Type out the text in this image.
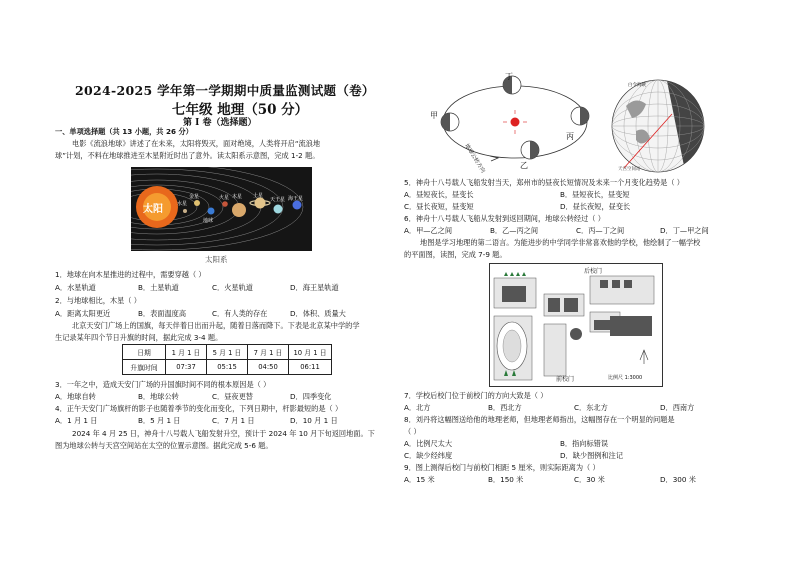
2024-2025 学年第一学期期中质量监测试题（卷）
七年级 地理（50 分）
第 I 卷（选择题）
一、单项选择题（共 13 小题，共 26 分）
电影《流浪地球》讲述了在未来，太阳将毁灭，面对绝境，人类将开启“流浪地
球”计划，不料在地球推进至木星附近时出了意外。读太阳系示意图，完成 1-2 题。
太阳	水星
金星
地球
火星 木星 土星
天王星 海王星
太阳系
1．地球在向木星推进的过程中，需要穿越（ ）
A．水星轨道	B．土星轨道	C．火星轨道	D．海王星轨道
2．与地球相比，木星（ ）
A．距离太阳更近	B．表面温度高	C．有人类的存在	D．体积、质量大
北京天安门广场上的国旗，每天伴着日出而升起，随着日落而降下。下表是北京某中学的学
生记录某年四个节日升旗的时间，据此完成 3-4 题。
日期	1 月 1 日	5 月 1 日	7 月 1 日	10 月 1 日
升旗时间	07:37	05:15	04:50	06:11
3．一年之中，造成天安门广场的升国旗时间不同的根本原因是（ ）
A．地球自转	B．地球公转	C．昼夜更替	D．四季变化
4．正午天安门广场旗杆的影子也随着季节的变化而变化，下列日期中，杆影最短的是（ ）
A．1 月 1 日	B．5 月 1 日	C．7 月 1 日	D．10 月 1 日
2024 年 4 月 25 日，神舟十八号载人飞船发射升空，预计于 2024 年 10 月下旬返回地面。下
图为地球公转与天宫空间站在太空的位置示意图。据此完成 5-6 题。
丁
甲
乙
丙
地球公转方向
白令海峡
天宫空间站
5．神舟十八号载人飞船发射当天，郑州市的昼夜长短情况及未来一个月变化趋势是（ ）
A．昼短夜长，昼变长	B．昼短夜长，昼变短
C．昼长夜短，昼变短	D．昼长夜短，昼变长
6．神舟十八号载人飞船从发射到返回期间，地球公转经过（ ）
A．甲—乙之间	B．乙—丙之间	C．丙—丁之间	D．丁—甲之间
地图是学习地理的第二语言。为能进步的中学同学非常喜欢他的学校，他绘制了一幅学校
的平面图，读图，完成 7-9 题。
后校门
前校门	比例尺 1:3000
7．学校后校门位于前校门的方向大致是（ ）
A．北方	B．西北方	C．东北方	D．西南方
8．刘丹将这幅图送给他的地理老师，但地理老师指出，这幅图存在一个明显的问题是
（ ）
A．比例尺太大	B．指向标错误
C．缺少经纬度	D．缺少图例和注记
9．图上测得后校门与前校门相距 5 厘米，则实际距离为（ ）
A．15 米	B．150 米	C．30 米	D．300 米
